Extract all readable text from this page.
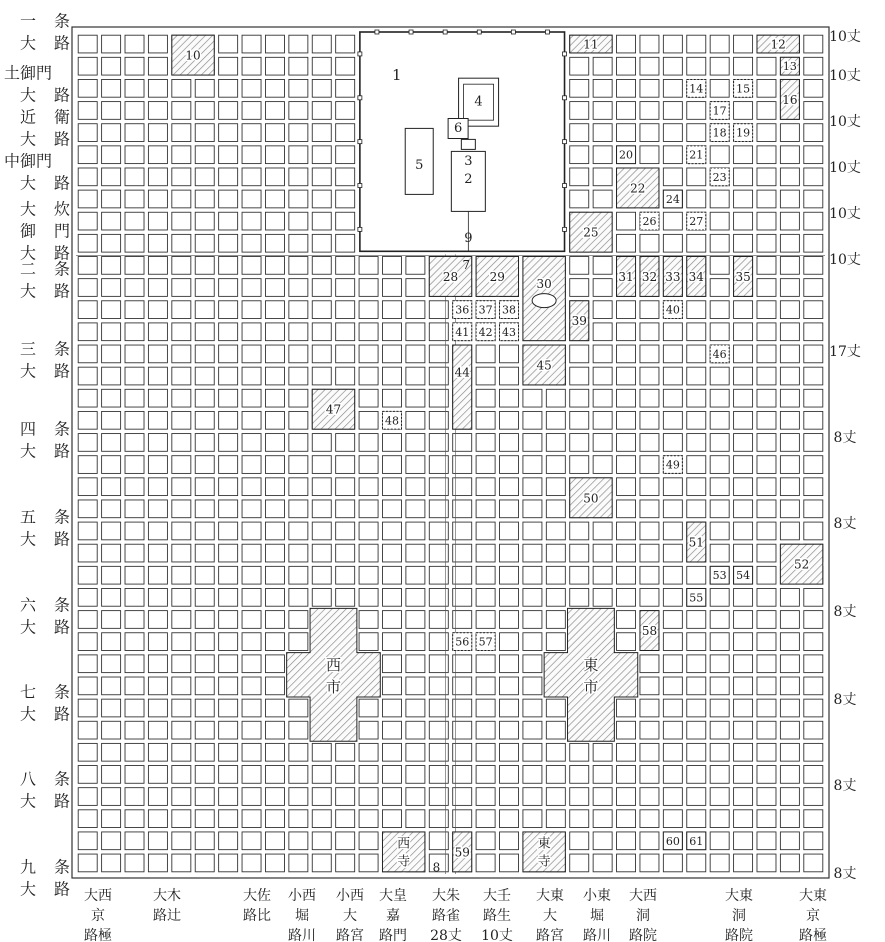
10
11	12
13
14	15
16
17
18 19
20	21
22
23
24
25
26	27
28	29
30
31 32 33 34	35
36 37 38
39
40
41 42 43
44
45
46
47
48
49
50
51
52
53 54
55
56 57
58
59
60 61
1
2
3
4
5
6
7
8
9
西
市
東
市
西
寺
東
寺
一
大
条
路
土御門
大 路
近
大
衛
路
中御門
大 路
大
御
大
炊
門
路
二
大
条
路
三
大
条
路
四
大
条
路
五
大
条
路
六
大
条
路
七
大
条
路
八
大
条
路
九
大
条
路
10丈
10丈
10丈
10丈
10丈
10丈
17丈
8丈
8丈
8丈
8丈
8丈
8丈
大西
京
路極
大木
路辻
大佐
路比
小西
堀
路川
小西
大
路宮
大皇
嘉
路門
大朱
路雀
28丈
大壬
路生
10丈
大東
大
路宮
小東
堀
路川
大西
洞
路院
大東
洞
路院
大東
京
路極
